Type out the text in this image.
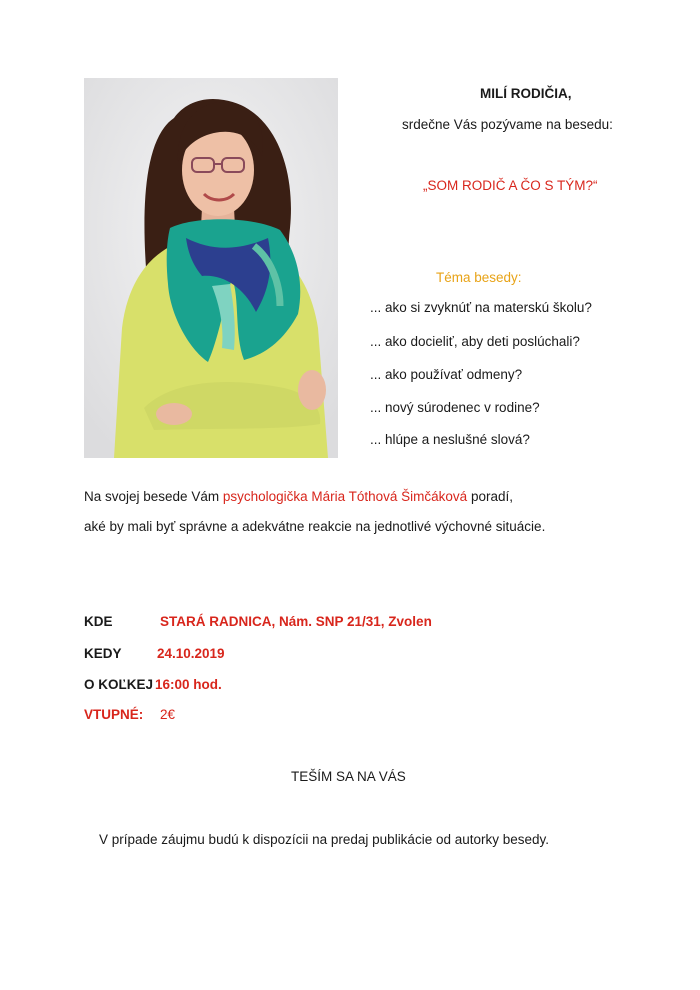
MILÍ RODIČIA,
srdečne Vás pozývame na besedu:
„SOM RODIČ A ČO S TÝM?“
Téma besedy:
... ako si zvyknúť na materskú školu?
... ako docieliť, aby deti poslúchali?
... ako používať odmeny?
... nový súrodenec v rodine?
... hlúpe a neslušné slová?
Na svojej besede Vám psychologička Mária Tóthová Šimčáková poradí,
aké by mali byť správne a adekvátne reakcie na jednotlivé výchovné situácie.
KDE	STARÁ RADNICA, Nám. SNP 21/31, Zvolen
KEDY	24.10.2019
O KOĽKEJ 16:00 hod.
VTUPNÉ: 2€
TEŠÍM SA NA VÁS
V prípade záujmu budú k dispozícii na predaj publikácie od autorky besedy.
